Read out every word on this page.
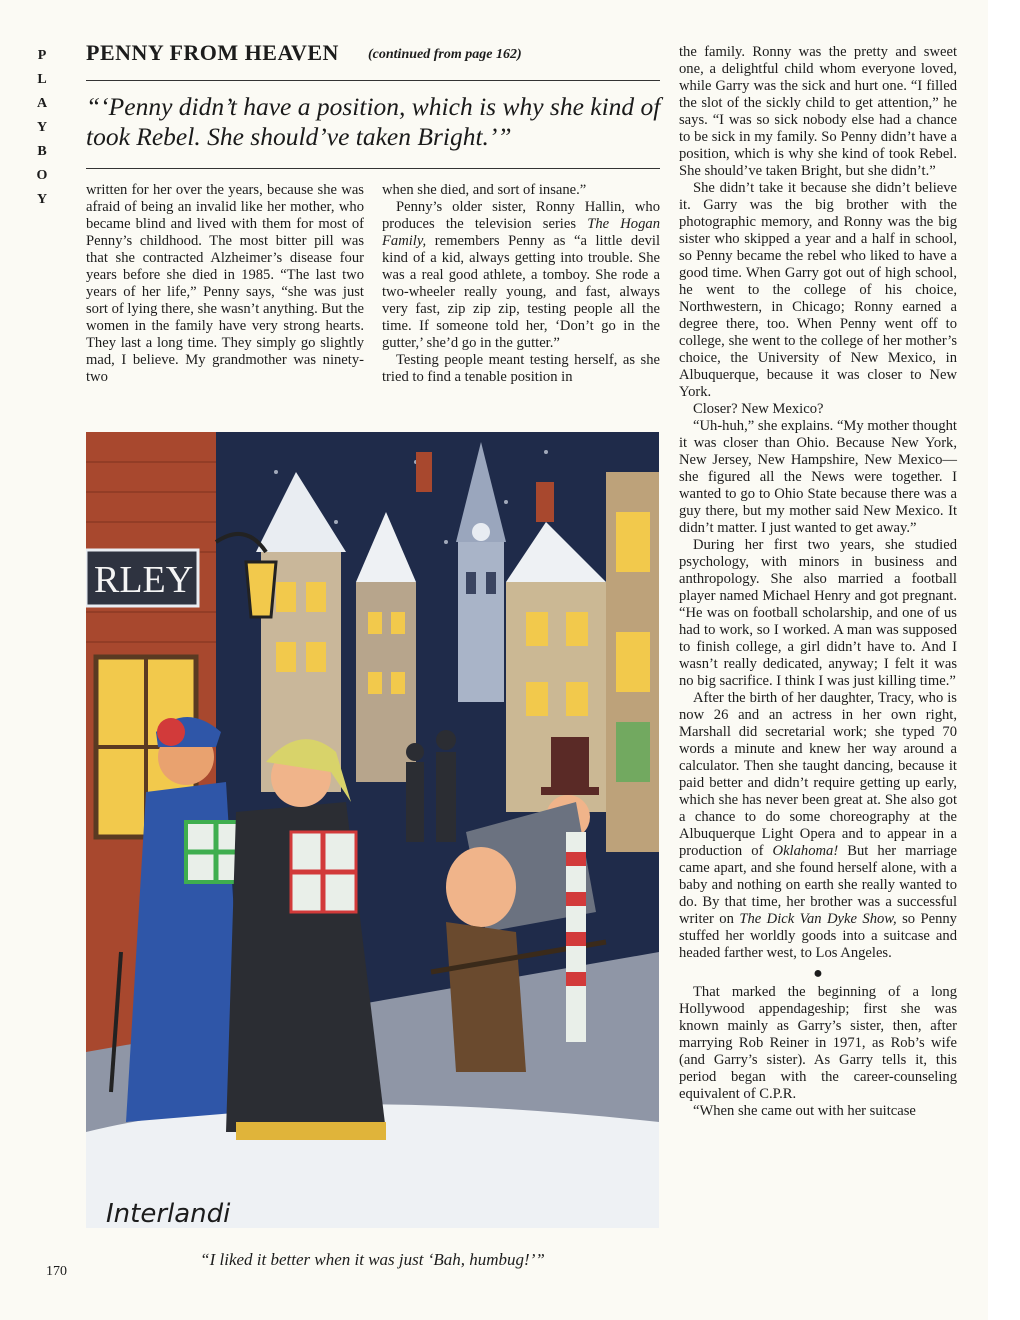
P
L
A
Y
B
O
Y
PENNY FROM HEAVEN (continued from page 162)
“‘Penny didn’t have a position, which is why she kind of took Rebel. She should’ve taken Bright.’”

written for her over the years, because she was afraid of being an invalid like her mother, who became blind and lived with them for most of Penny’s childhood. The most bitter pill was that she contracted Alzheimer’s disease four years before she died in 1985. “The last two years of her life,” Penny says, “she was just sort of lying there, she wasn’t anything. But the women in the family have very strong hearts. They last a long time. They simply go slightly mad, I believe. My grandmother was ninety-two

when she died, and sort of insane.”

Penny’s older sister, Ronny Hallin, who produces the television series The Hogan Family, remembers Penny as “a little devil kind of a kid, always getting into trouble. She was a real good athlete, a tomboy. She rode a two-wheeler really young, and fast, always very fast, zip zip zip, testing people all the time. If someone told her, ‘Don’t go in the gutter,’ she’d go in the gutter.”

Testing people meant testing herself, as she tried to find a tenable position in

the family. Ronny was the pretty and sweet one, a delightful child whom everyone loved, while Garry was the sick and hurt one. “I filled the slot of the sickly child to get attention,” he says. “I was so sick nobody else had a chance to be sick in my family. So Penny didn’t have a position, which is why she kind of took Rebel. She should’ve taken Bright, but she didn’t.”

She didn’t take it because she didn’t believe it. Garry was the big brother with the photographic memory, and Ronny was the big sister who skipped a year and a half in school, so Penny became the rebel who liked to have a good time. When Garry got out of high school, he went to the college of his choice, Northwestern, in Chicago; Ronny earned a degree there, too. When Penny went off to college, she went to the college of her mother’s choice, the University of New Mexico, in Albuquerque, because it was closer to New York.

Closer? New Mexico?

“Uh-huh,” she explains. “My mother thought it was closer than Ohio. Because New York, New Jersey, New Hampshire, New Mexico—she figured all the News were together. I wanted to go to Ohio State because there was a guy there, but my mother said New Mexico. It didn’t matter. I just wanted to get away.”

During her first two years, she studied psychology, with minors in business and anthropology. She also married a football player named Michael Henry and got pregnant. “He was on football scholarship, and one of us had to work, so I worked. A man was supposed to finish college, a girl didn’t have to. And I wasn’t really dedicated, anyway; I felt it was no big sacrifice. I think I was just killing time.”

After the birth of her daughter, Tracy, who is now 26 and an actress in her own right, Marshall did secretarial work; she typed 70 words a minute and knew her way around a calculator. Then she taught dancing, because it paid better and didn’t require getting up early, which she has never been great at. She also got a chance to do some choreography at the Albuquerque Light Opera and to appear in a production of Oklahoma! But her marriage came apart, and she found herself alone, with a baby and nothing on earth she really wanted to do. By that time, her brother was a successful writer on The Dick Van Dyke Show, so Penny stuffed her worldly goods into a suitcase and headed farther west, to Los Angeles.

●

That marked the beginning of a long Hollywood appendageship; first she was known mainly as Garry’s sister, then, after marrying Rob Reiner in 1971, as Rob’s wife (and Garry’s sister). As Garry tells it, this period began with the career-counseling equivalent of C.P.R.

“When she came out with her suitcase

RLEY
Interlandi
“I liked it better when it was just ‘Bah, humbug!’”
170
